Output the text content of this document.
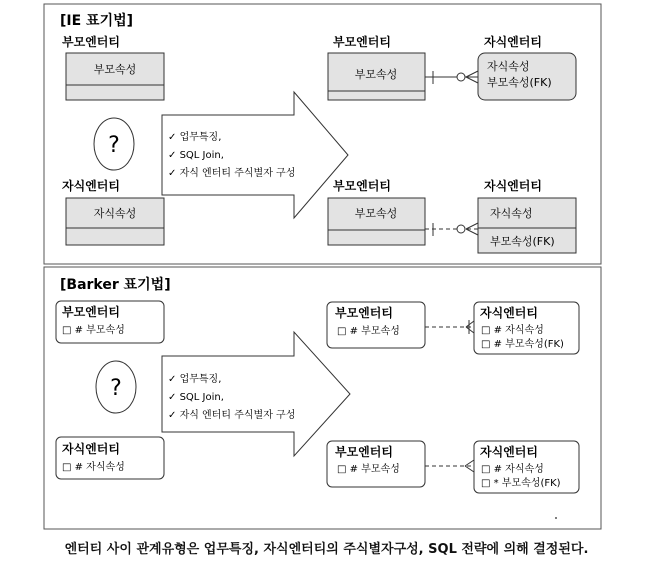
[IE 표기법]
부모엔터티
부모속성
?
자식엔터티
자식속성
✓ 업무특징,
✓ SQL Join,
✓ 자식 엔터티 주식별자 구성
부모엔터티
부모속성
자식엔터티
자식속성
부모속성(FK)
부모엔터티
부모속성
자식엔터티
자식속성
부모속성(FK)
[Barker 표기법]
부모엔터티
□ # 부모속성
?
자식엔터티
□ # 자식속성
✓ 업무특징,
✓ SQL Join,
✓ 자식 엔터티 주식별자 구성
부모엔터티
□ # 부모속성
자식엔터티
□ # 자식속성
□ # 부모속성(FK)
부모엔터티
□ # 부모속성
자식엔터티
□ # 자식속성
□ * 부모속성(FK)
엔터티 사이 관계유형은 업무특징, 자식엔터티의 주식별자구성, SQL 전략에 의해 결정된다.
